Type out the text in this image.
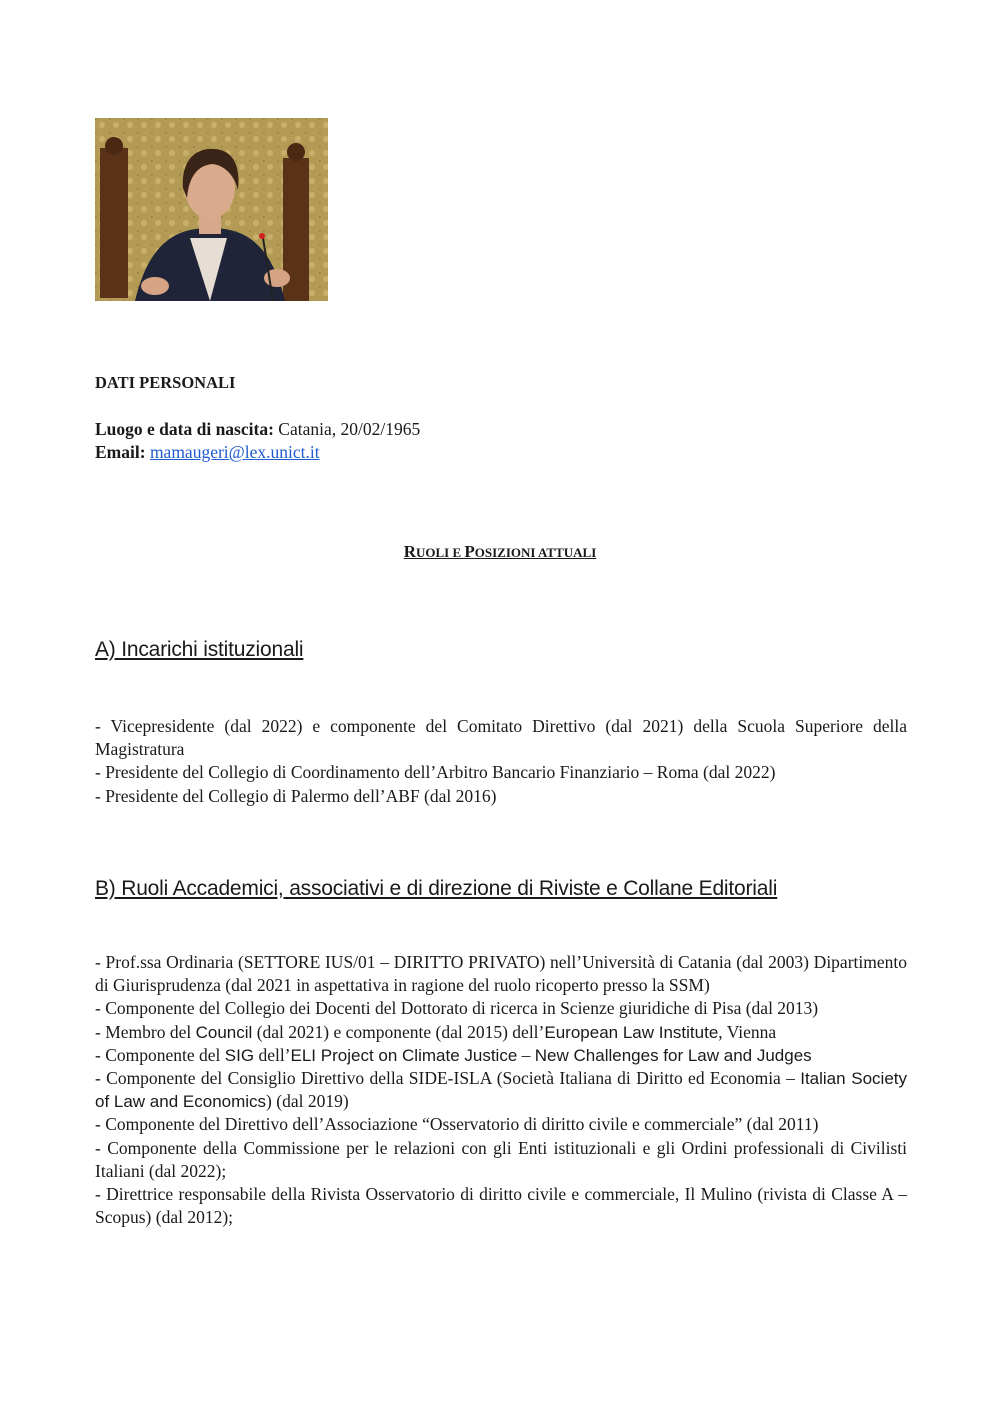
DATI PERSONALI
Luogo e data di nascita: Catania, 20/02/1965
Email: mamaugeri@lex.unict.it
RUOLI E POSIZIONI ATTUALI
A) Incarichi istituzionali
- Vicepresidente (dal 2022) e componente del Comitato Direttivo (dal 2021) della Scuola Superiore della Magistratura
- Presidente del Collegio di Coordinamento dell’Arbitro Bancario Finanziario – Roma (dal 2022)
- Presidente del Collegio di Palermo dell’ABF (dal 2016)
B) Ruoli Accademici, associativi e di direzione di Riviste e Collane Editoriali
- Prof.ssa Ordinaria (SETTORE IUS/01 – DIRITTO PRIVATO) nell’Università di Catania (dal 2003) Dipartimento di Giurisprudenza (dal 2021 in aspettativa in ragione del ruolo ricoperto presso la SSM)
- Componente del Collegio dei Docenti del Dottorato di ricerca in Scienze giuridiche di Pisa (dal 2013)
- Membro del Council (dal 2021) e componente (dal 2015) dell’European Law Institute, Vienna
- Componente del SIG dell’ELI Project on Climate Justice – New Challenges for Law and Judges
- Componente del Consiglio Direttivo della SIDE-ISLA (Società Italiana di Diritto ed Economia – Italian Society of Law and Economics) (dal 2019)
- Componente del Direttivo dell’Associazione “Osservatorio di diritto civile e commerciale” (dal 2011)
- Componente della Commissione per le relazioni con gli Enti istituzionali e gli Ordini professionali di Civilisti Italiani (dal 2022);
- Direttrice responsabile della Rivista Osservatorio di diritto civile e commerciale, Il Mulino (rivista di Classe A – Scopus) (dal 2012);
